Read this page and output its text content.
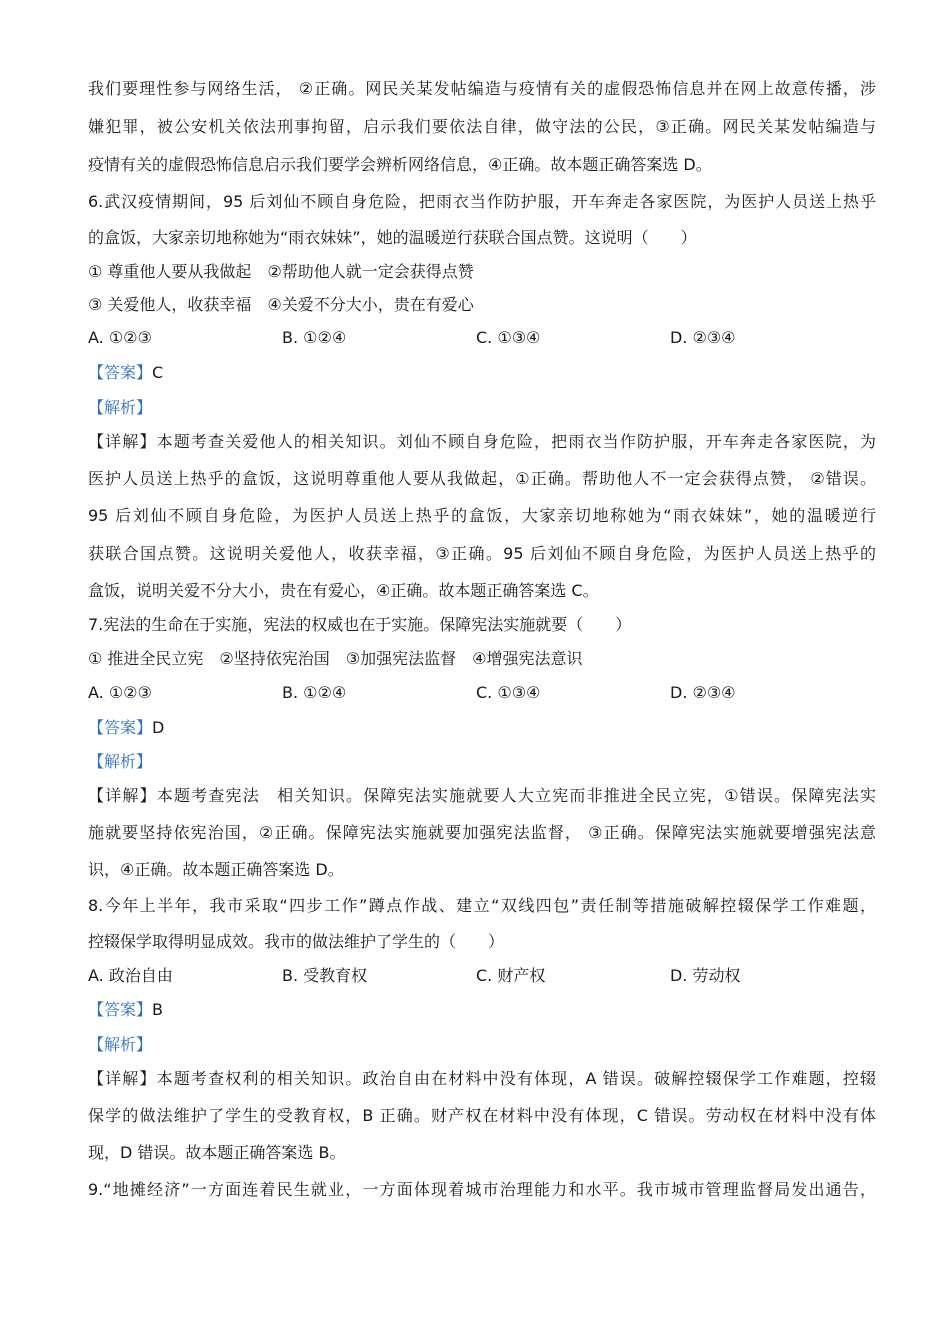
我们要理性参与网络生活， ②正确。网民关某发帖编造与疫情有关的虚假恐怖信息并在网上故意传播，涉
嫌犯罪，被公安机关依法刑事拘留，启示我们要依法自律，做守法的公民，③正确。网民关某发帖编造与
疫情有关的虚假恐怖信息启示我们要学会辨析网络信息，④正确。故本题正确答案选 D。
6.武汉疫情期间，95 后刘仙不顾自身危险，把雨衣当作防护服，开车奔走各家医院，为医护人员送上热乎
的盒饭，大家亲切地称她为“雨衣妹妹”，她的温暖逆行获联合国点赞。这说明（　　）
① 尊重他人要从我做起　②帮助他人就一定会获得点赞
③ 关爱他人，收获幸福　④关爱不分大小，贵在有爱心
A. ①②③	B. ①②④	C. ①③④	D. ②③④
【答案】C
【解析】
【详解】本题考查关爱他人的相关知识。刘仙不顾自身危险，把雨衣当作防护服，开车奔走各家医院，为
医护人员送上热乎的盒饭，这说明尊重他人要从我做起，①正确。帮助他人不一定会获得点赞， ②错误。
95 后刘仙不顾自身危险，为医护人员送上热乎的盒饭，大家亲切地称她为“雨衣妹妹”，她的温暖逆行
获联合国点赞。这说明关爱他人，收获幸福，③正确。95 后刘仙不顾自身危险，为医护人员送上热乎的
盒饭，说明关爱不分大小，贵在有爱心，④正确。故本题正确答案选 C。
7.宪法的生命在于实施，宪法的权威也在于实施。保障宪法实施就要（　　）
① 推进全民立宪　②坚持依宪治国　③加强宪法监督　④增强宪法意识
A. ①②③	B. ①②④	C. ①③④	D. ②③④
【答案】D
【解析】
【详解】本题考查宪法　相关知识。保障宪法实施就要人大立宪而非推进全民立宪，①错误。保障宪法实
施就要坚持依宪治国，②正确。保障宪法实施就要加强宪法监督， ③正确。保障宪法实施就要增强宪法意
识，④正确。故本题正确答案选 D。
8.今年上半年，我市采取“四步工作”蹲点作战、建立“双线四包”责任制等措施破解控辍保学工作难题，
控辍保学取得明显成效。我市的做法维护了学生的（　　）
A. 政治自由	B. 受教育权	C. 财产权	D. 劳动权
【答案】B
【解析】
【详解】本题考查权利的相关知识。政治自由在材料中没有体现，A 错误。破解控辍保学工作难题，控辍
保学的做法维护了学生的受教育权，B 正确。财产权在材料中没有体现，C 错误。劳动权在材料中没有体
现，D 错误。故本题正确答案选 B。
9.“地摊经济”一方面连着民生就业，一方面体现着城市治理能力和水平。我市城市管理监督局发出通告，
